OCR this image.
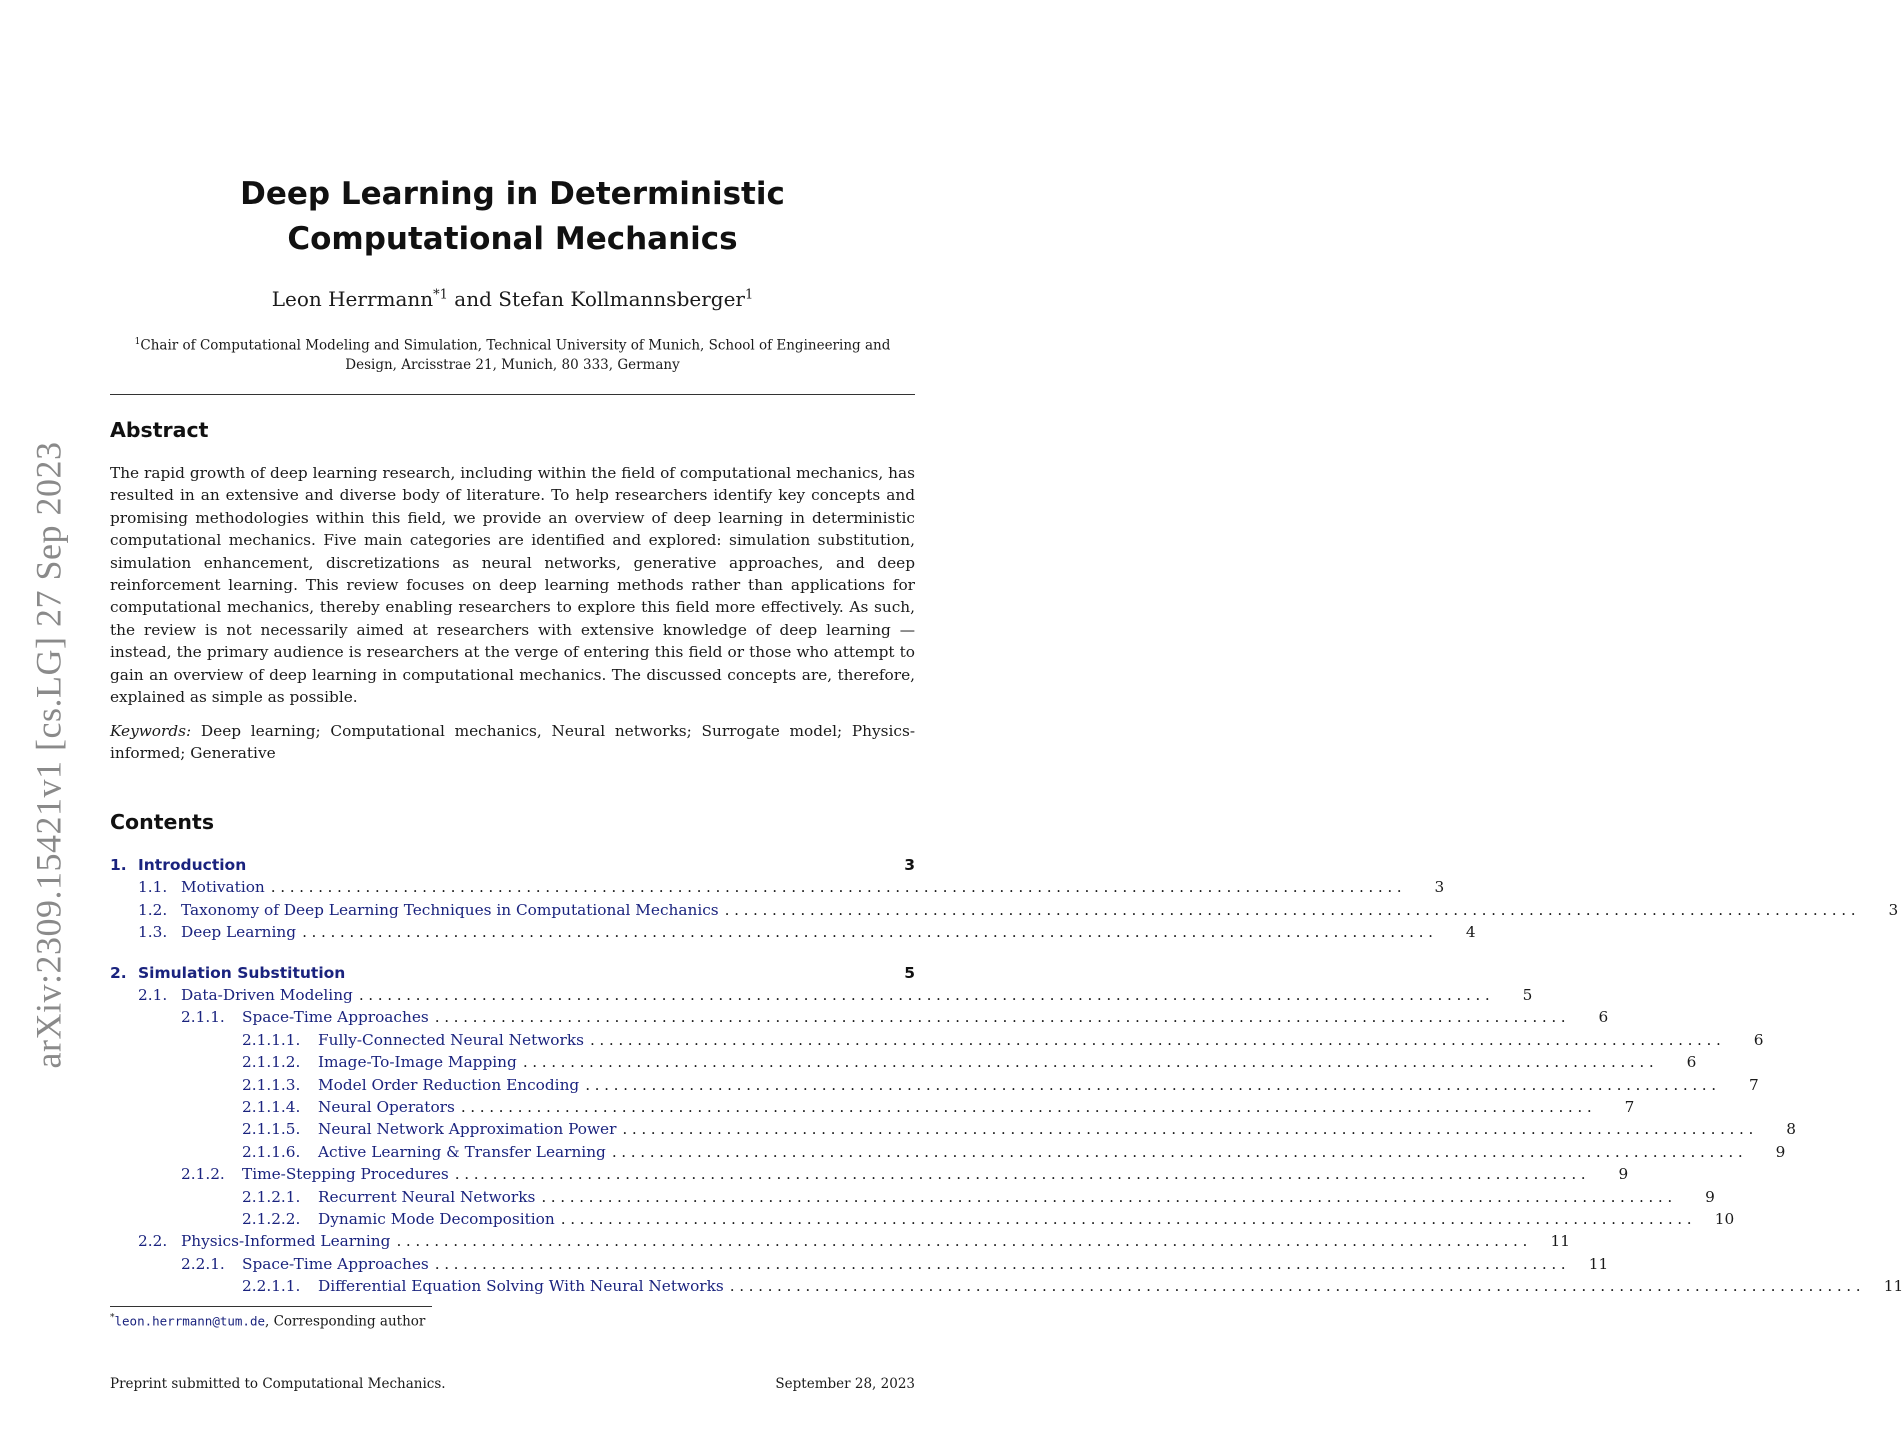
arXiv:2309.15421v1 [cs.LG] 27 Sep 2023
Deep Learning in Deterministic Computational Mechanics
Leon Herrmann$^{*1}$ and Stefan Kollmannsberger$^1$
$^1$Chair of Computational Modeling and Simulation, Technical University of Munich, School of Engineering and Design, Arcisstrae 21, Munich, 80 333, Germany
Abstract

The rapid growth of deep learning research, including within the field of computational mechanics, has resulted in an extensive and diverse body of literature. To help researchers identify key concepts and promising methodologies within this field, we provide an overview of deep learning in deterministic computational mechanics. Five main categories are identified and explored: simulation substitution, simulation enhancement, discretizations as neural networks, generative approaches, and deep reinforcement learning. This review focuses on deep learning methods rather than applications for computational mechanics, thereby enabling researchers to explore this field more effectively. As such, the review is not necessarily aimed at researchers with extensive knowledge of deep learning — instead, the primary audience is researchers at the verge of entering this field or those who attempt to gain an overview of deep learning in computational mechanics. The discussed concepts are, therefore, explained as simple as possible.

Keywords: Deep learning; Computational mechanics, Neural networks; Surrogate model; Physics-informed; Generative

Contents
1. Introduction	3
1.1. Motivation ........................................................................................................................	3
1.2. Taxonomy of Deep Learning Techniques in Computational Mechanics ........................................................................................................................	3
1.3. Deep Learning ........................................................................................................................	4
2. Simulation Substitution	5
2.1. Data-Driven Modeling ........................................................................................................................	5
2.1.1.	Space-Time Approaches ........................................................................................................................	6
2.1.1.1.	Fully-Connected Neural Networks ........................................................................................................................	6
2.1.1.2.	Image-To-Image Mapping ........................................................................................................................	6
2.1.1.3.	Model Order Reduction Encoding ........................................................................................................................	7
2.1.1.4.	Neural Operators ........................................................................................................................	7
2.1.1.5.	Neural Network Approximation Power ........................................................................................................................	8
2.1.1.6.	Active Learning & Transfer Learning ........................................................................................................................	9
2.1.2.	Time-Stepping Procedures ........................................................................................................................	9
2.1.2.1.	Recurrent Neural Networks ........................................................................................................................	9
2.1.2.2.	Dynamic Mode Decomposition ........................................................................................................................	10
2.2. Physics-Informed Learning ........................................................................................................................	11
2.2.1.	Space-Time Approaches ........................................................................................................................	11
2.2.1.1.	Differential Equation Solving With Neural Networks ........................................................................................................................	11
*leon.herrmann@tum.de, Corresponding author
Preprint submitted to Computational Mechanics.	September 28, 2023
